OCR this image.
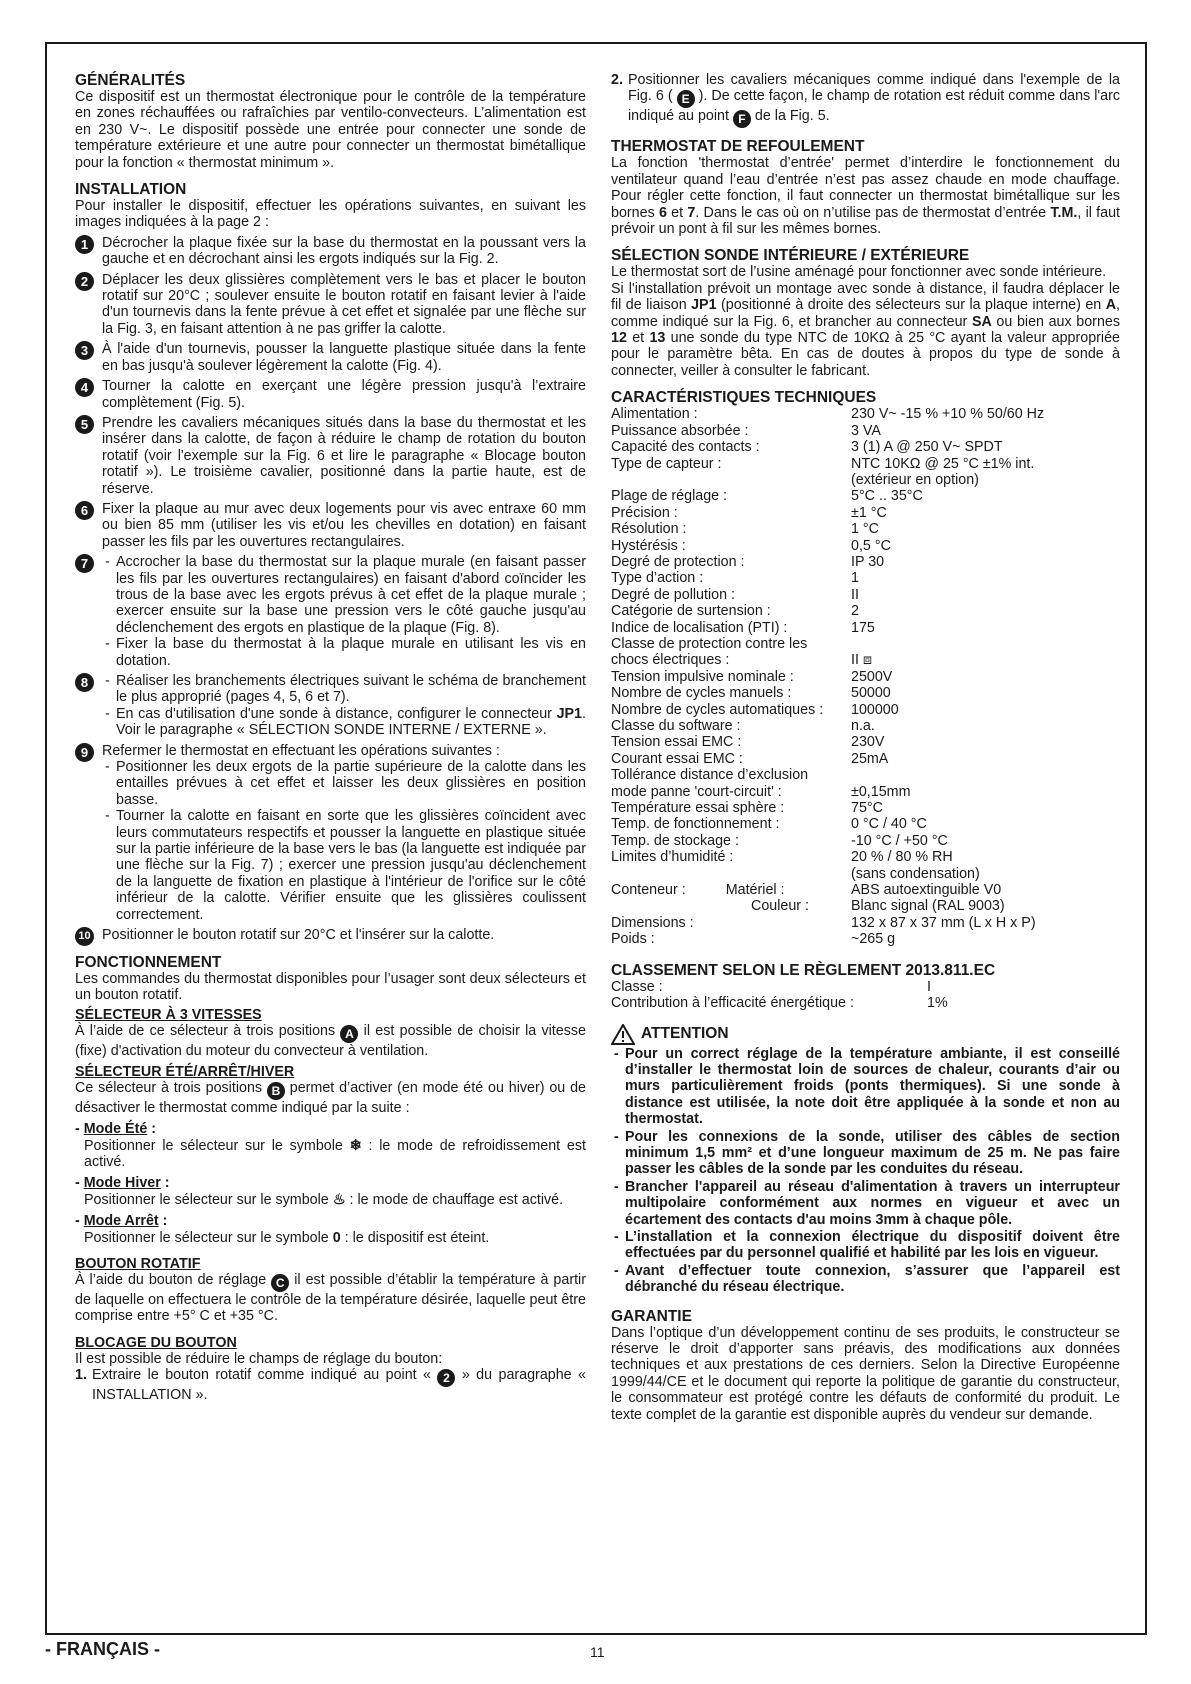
GÉNÉRALITÉS

Ce dispositif est un thermostat électronique pour le contrôle de la température en zones réchauffées ou rafraîchies par ventilo-convecteurs. L’alimentation est en 230 V~. Le dispositif possède une entrée pour connecter une sonde de température extérieure et une autre pour connecter un thermostat bimétallique pour la fonction « thermostat minimum ».

INSTALLATION

Pour installer le dispositif, effectuer les opérations suivantes, en suivant les images indiquées à la page 2 :

1 Décrocher la plaque fixée sur la base du thermostat en la poussant vers la gauche et en décrochant ainsi les ergots indiqués sur la Fig. 2.
2 Déplacer les deux glissières complètement vers le bas et placer le bouton rotatif sur 20°C ; soulever ensuite le bouton rotatif en faisant levier à l'aide d'un tournevis dans la fente prévue à cet effet et signalée par une flèche sur la Fig. 3, en faisant attention à ne pas griffer la calotte.
3 À l'aide d'un tournevis, pousser la languette plastique située dans la fente en bas jusqu'à soulever légèrement la calotte (Fig. 4).
4 Tourner la calotte en exerçant une légère pression jusqu'à l’extraire complètement (Fig. 5).
5 Prendre les cavaliers mécaniques situés dans la base du thermostat et les insérer dans la calotte, de façon à réduire le champ de rotation du bouton rotatif (voir l'exemple sur la Fig. 6 et lire le paragraphe « Blocage bouton rotatif »). Le troisième cavalier, positionné dans la partie haute, est de réserve.
6 Fixer la plaque au mur avec deux logements pour vis avec entraxe 60 mm ou bien 85 mm (utiliser les vis et/ou les chevilles en dotation) en faisant passer les fils par les ouvertures rectangulaires.
7	- Accrocher la base du thermostat sur la plaque murale (en faisant passer les fils par les ouvertures rectangulaires) en faisant d'abord coïncider les trous de la base avec les ergots prévus à cet effet de la plaque murale ; exercer ensuite sur la base une pression vers le côté gauche jusqu'au déclenchement des ergots en plastique de la plaque (Fig. 8).
- Fixer la base du thermostat à la plaque murale en utilisant les vis en dotation.
8	- Réaliser les branchements électriques suivant le schéma de branchement le plus approprié (pages 4, 5, 6 et 7).
- En cas d'utilisation d'une sonde à distance, configurer le connecteur JP1. Voir le paragraphe « SÉLECTION SONDE INTERNE / EXTERNE ».
9 Refermer le thermostat en effectuant les opérations suivantes :
- Positionner les deux ergots de la partie supérieure de la calotte dans les entailles prévues à cet effet et laisser les deux glissières en position basse.
- Tourner la calotte en faisant en sorte que les glissières coïncident avec leurs commutateurs respectifs et pousser la languette en plastique située sur la partie inférieure de la base vers le bas (la languette est indiquée par une flèche sur la Fig. 7) ; exercer une pression jusqu'au déclenchement de la languette de fixation en plastique à l'intérieur de l'orifice sur le côté inférieur de la calotte. Vérifier ensuite que les glissières coulissent correctement.
10 Positionner le bouton rotatif sur 20°C et l'insérer sur la calotte.
FONCTIONNEMENT

Les commandes du thermostat disponibles pour l’usager sont deux sélecteurs et un bouton rotatif.

SÉLECTEUR À 3 VITESSES

À l’aide de ce sélecteur à trois positions A il est possible de choisir la vitesse (fixe) d'activation du moteur du convecteur à ventilation.

SÉLECTEUR ÉTÉ/ARRÊT/HIVER

Ce sélecteur à trois positions B permet d’activer (en mode été ou hiver) ou de désactiver le thermostat comme indiqué par la suite :

- Mode Été :
Positionner le sélecteur sur le symbole ❄ : le mode de refroidissement est activé.
- Mode Hiver :
Positionner le sélecteur sur le symbole ♨ : le mode de chauffage est activé.
- Mode Arrêt :
Positionner le sélecteur sur le symbole 0 : le dispositif est éteint.
BOUTON ROTATIF

À l’aide du bouton de réglage C il est possible d’établir la température à partir de laquelle on effectuera le contrôle de la température désirée, laquelle peut être comprise entre +5° C et +35 °C.

BLOCAGE DU BOUTON

Il est possible de réduire le champs de réglage du bouton:

1. Extraire le bouton rotatif comme indiqué au point « 2 » du paragraphe « INSTALLATION ».
2. Positionner les cavaliers mécaniques comme indiqué dans l'exemple de la Fig. 6 ( E ). De cette façon, le champ de rotation est réduit comme dans l'arc indiqué au point F de la Fig. 5.
THERMOSTAT DE REFOULEMENT

La fonction 'thermostat d’entrée' permet d’interdire le fonctionnement du ventilateur quand l’eau d’entrée n’est pas assez chaude en mode chauffage. Pour régler cette fonction, il faut connecter un thermostat bimétallique sur les bornes 6 et 7. Dans le cas où on n’utilise pas de thermostat d’entrée T.M., il faut prévoir un pont à fil sur les mêmes bornes.

SÉLECTION SONDE INTÉRIEURE / EXTÉRIEURE

Le thermostat sort de l’usine aménagé pour fonctionner avec sonde intérieure.

Si l'installation prévoit un montage avec sonde à distance, il faudra déplacer le fil de liaison JP1 (positionné à droite des sélecteurs sur la plaque interne) en A, comme indiqué sur la Fig. 6, et brancher au connecteur SA ou bien aux bornes 12 et 13 une sonde du type NTC de 10KΩ à 25 °C ayant la valeur appropriée pour le paramètre bêta. En cas de doutes à propos du type de sonde à connecter, veiller à consulter le fabricant.

CARACTÉRISTIQUES TECHNIQUES
Alimentation :	230 V~ -15 % +10 % 50/60 Hz
Puissance absorbée :	3 VA
Capacité des contacts :	3 (1) A @ 250 V~ SPDT
Type de capteur :	NTC 10KΩ @ 25 °C ±1% int.
	(extérieur en option)
Plage de réglage :	5°C .. 35°C
Précision :	±1 °C
Résolution :	1 °C
Hystérésis :	0,5 °C
Degré de protection :	IP 30
Type d’action :	1
Degré de pollution :	II
Catégorie de surtension :	2
Indice de localisation (PTI) :	175
Classe de protection contre les	
chocs électriques :	II ⧈
Tension impulsive nominale :	2500V
Nombre de cycles manuels :	50000
Nombre de cycles automatiques :	100000
Classe du software :	n.a.
Tension essai EMC :	230V
Courant essai EMC :	25mA
Tollérance distance d’exclusion	
mode panne 'court-circuit' :	±0,15mm
Température essai sphère :	75°C
Temp. de fonctionnement :	0 °C / 40 °C
Temp. de stockage :	-10 °C / +50 °C
Limites d’humidité :	20 % / 80 % RH
	(sans condensation)
Conteneur : Matériel :	ABS autoextinguible V0

Couleur :	Blanc signal (RAL 9003)
Dimensions :	132 x 87 x 37 mm (L x H x P)
Poids :	~265 g
CLASSEMENT SELON LE RÈGLEMENT 2013.811.EC
Classe :	I
Contribution à l’efficacité énergétique :	1%
ATTENTION
- Pour un correct réglage de la température ambiante, il est conseillé d’installer le thermostat loin de sources de chaleur, courants d’air ou murs particulièrement froids (ponts thermiques). Si une sonde à distance est utilisée, la note doit être appliquée à la sonde et non au thermostat.
- Pour les connexions de la sonde, utiliser des câbles de section minimum 1,5 mm² et d’une longueur maximum de 25 m. Ne pas faire passer les câbles de la sonde par les conduites du réseau.
- Brancher l'appareil au réseau d'alimentation à travers un interrupteur multipolaire conformément aux normes en vigueur et avec un écartement des contacts d'au moins 3mm à chaque pôle.
- L’installation et la connexion électrique du dispositif doivent être effectuées par du personnel qualifié et habilité par les lois en vigueur.
- Avant d’effectuer toute connexion, s’assurer que l’appareil est débranché du réseau électrique.
GARANTIE

Dans l’optique d’un développement continu de ses produits, le constructeur se réserve le droit d’apporter sans préavis, des modifications aux données techniques et aux prestations de ces derniers. Selon la Directive Européenne 1999/44/CE et le document qui reporte la politique de garantie du constructeur, le consommateur est protégé contre les défauts de conformité du produit. Le texte complet de la garantie est disponible auprès du vendeur sur demande.

- FRANÇAIS -	11
